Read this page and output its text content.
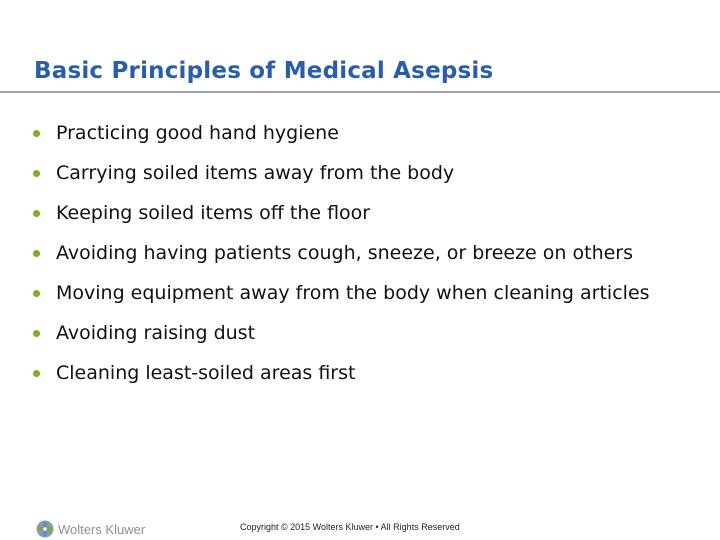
Basic Principles of Medical Asepsis
Practicing good hand hygiene
Carrying soiled items away from the body
Keeping soiled items off the floor
Avoiding having patients cough, sneeze, or breeze on others
Moving equipment away from the body when cleaning articles
Avoiding raising dust
Cleaning least-soiled areas first
Wolters Kluwer	Copyright © 2015 Wolters Kluwer • All Rights Reserved
